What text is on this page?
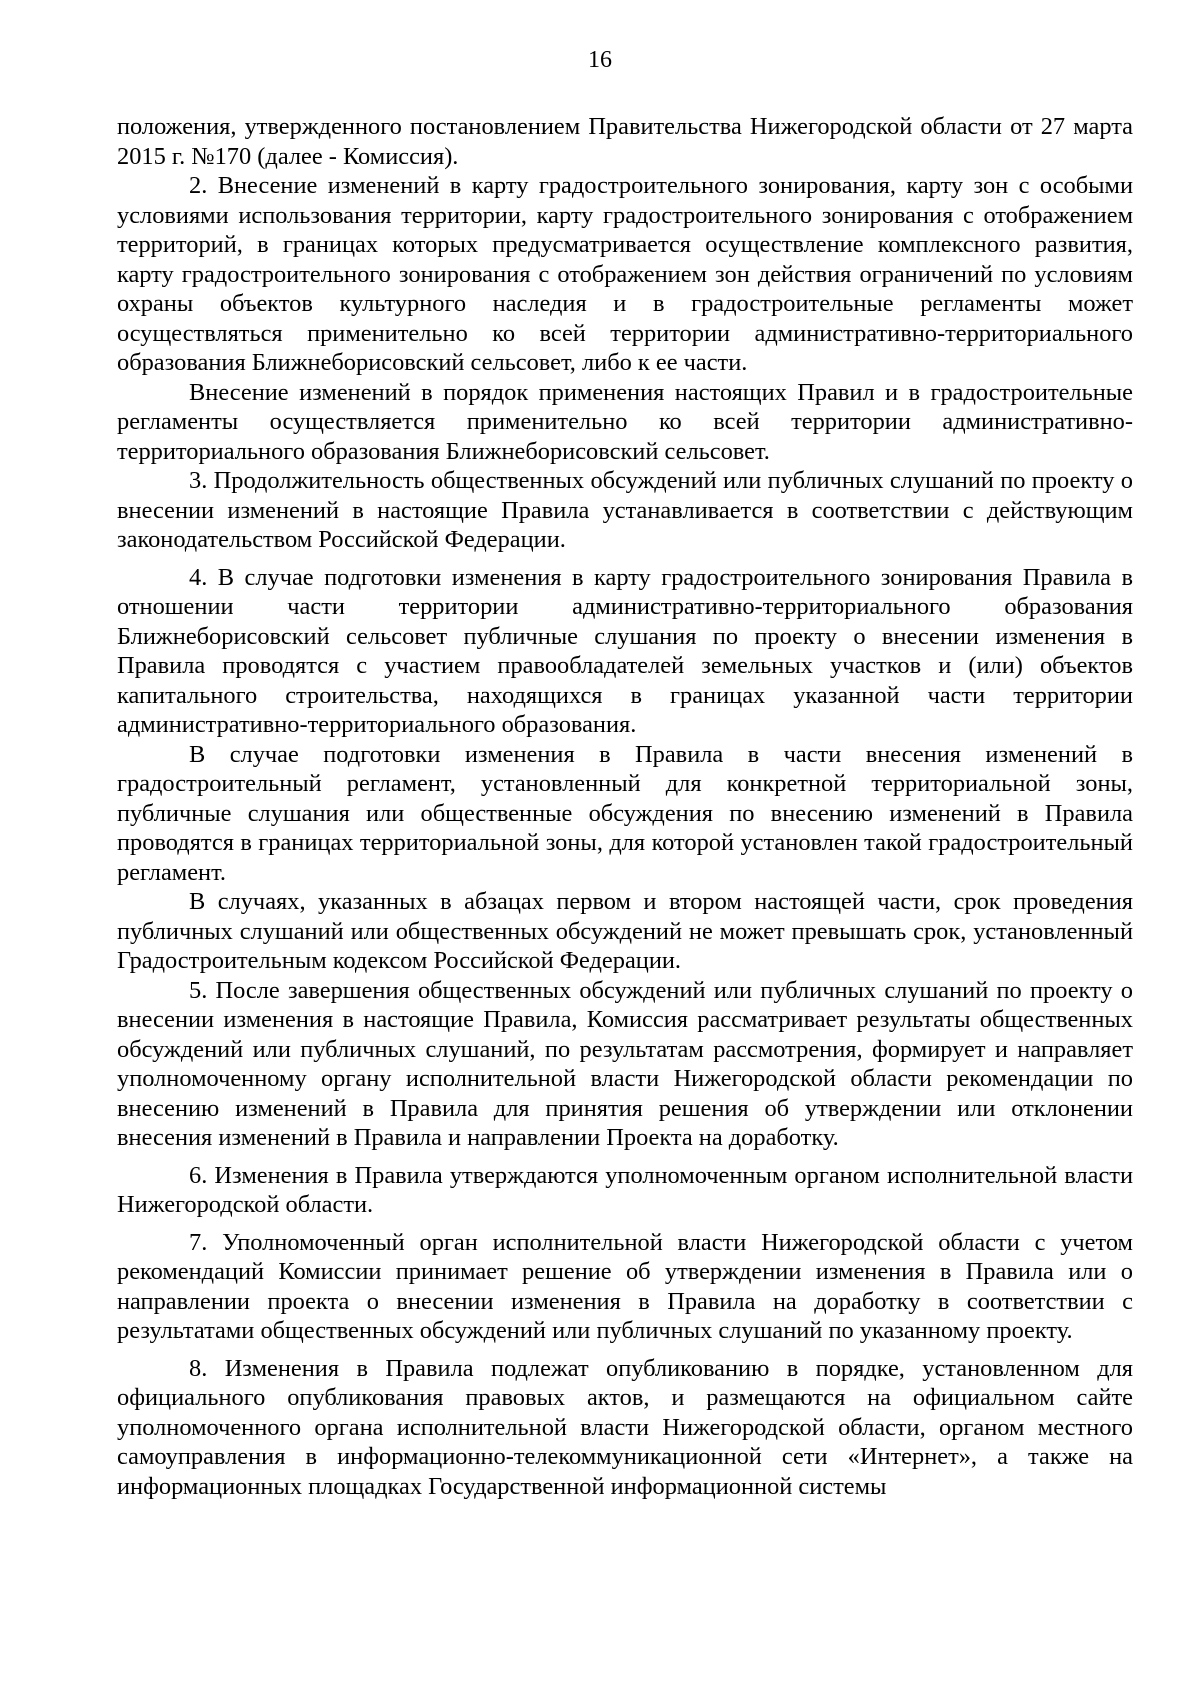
16

положения, утвержденного постановлением Правительства Нижегородской области от 27 марта 2015 г. №170 (далее - Комиссия).

2. Внесение изменений в карту градостроительного зонирования, карту зон с особыми условиями использования территории, карту градостроительного зонирования с отображением территорий, в границах которых предусматривается осуществление комплексного развития, карту градостроительного зонирования с отображением зон действия ограничений по условиям охраны объектов культурного наследия и в градостроительные регламенты может осуществляться применительно ко всей территории административно-территориального образования Ближнеборисовский сельсовет, либо к ее части.

Внесение изменений в порядок применения настоящих Правил и в градостроительные регламенты осуществляется применительно ко всей территории административно-территориального образования Ближнеборисовский сельсовет.

3. Продолжительность общественных обсуждений или публичных слушаний по проекту о внесении изменений в настоящие Правила устанавливается в соответствии с действующим законодательством Российской Федерации.

4. В случае подготовки изменения в карту градостроительного зонирования Правила в отношении части территории административно-территориального образования Ближнеборисовский сельсовет публичные слушания по проекту о внесении изменения в Правила проводятся с участием правообладателей земельных участков и (или) объектов капитального строительства, находящихся в границах указанной части территории административно-территориального образования.

В случае подготовки изменения в Правила в части внесения изменений в градостроительный регламент, установленный для конкретной территориальной зоны, публичные слушания или общественные обсуждения по внесению изменений в Правила проводятся в границах территориальной зоны, для которой установлен такой градостроительный регламент.

В случаях, указанных в абзацах первом и втором настоящей части, срок проведения публичных слушаний или общественных обсуждений не может превышать срок, установленный Градостроительным кодексом Российской Федерации.

5. После завершения общественных обсуждений или публичных слушаний по проекту о внесении изменения в настоящие Правила, Комиссия рассматривает результаты общественных обсуждений или публичных слушаний, по результатам рассмотрения, формирует и направляет уполномоченному органу исполнительной власти Нижегородской области рекомендации по внесению изменений в Правила для принятия решения об утверждении или отклонении внесения изменений в Правила и направлении Проекта на доработку.

6. Изменения в Правила утверждаются уполномоченным органом исполнительной власти Нижегородской области.

7. Уполномоченный орган исполнительной власти Нижегородской области с учетом рекомендаций Комиссии принимает решение об утверждении изменения в Правила или о направлении проекта о внесении изменения в Правила на доработку в соответствии с результатами общественных обсуждений или публичных слушаний по указанному проекту.

8. Изменения в Правила подлежат опубликованию в порядке, установленном для официального опубликования правовых актов, и размещаются на официальном сайте уполномоченного органа исполнительной власти Нижегородской области, органом местного самоуправления в информационно-телекоммуникационной сети «Интернет», а также на информационных площадках Государственной информационной системы
